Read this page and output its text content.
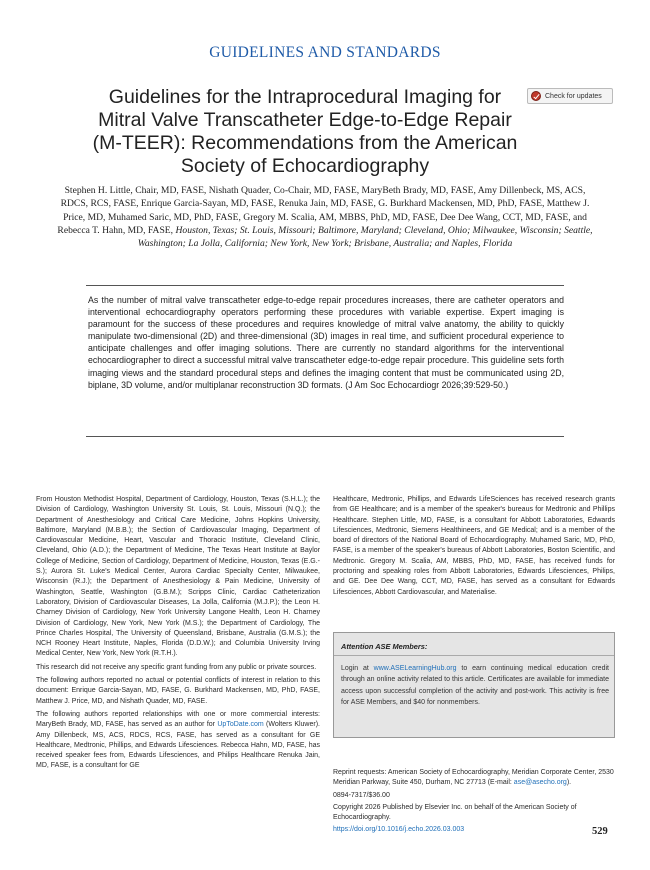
GUIDELINES AND STANDARDS
Guidelines for the Intraprocedural Imaging for Mitral Valve Transcatheter Edge-to-Edge Repair (M-TEER): Recommendations from the American Society of Echocardiography
Check for updates
Stephen H. Little, Chair, MD, FASE, Nishath Quader, Co-Chair, MD, FASE, MaryBeth Brady, MD, FASE, Amy Dillenbeck, MS, ACS, RDCS, RCS, FASE, Enrique Garcia-Sayan, MD, FASE, Renuka Jain, MD, FASE, G. Burkhard Mackensen, MD, PhD, FASE, Matthew J. Price, MD, Muhamed Saric, MD, PhD, FASE, Gregory M. Scalia, AM, MBBS, PhD, MD, FASE, Dee Dee Wang, CCT, MD, FASE, and Rebecca T. Hahn, MD, FASE, Houston, Texas; St. Louis, Missouri; Baltimore, Maryland; Cleveland, Ohio; Milwaukee, Wisconsin; Seattle, Washington; La Jolla, California; New York, New York; Brisbane, Australia; and Naples, Florida
As the number of mitral valve transcatheter edge-to-edge repair procedures increases, there are catheter operators and interventional echocardiography operators performing these procedures with variable expertise. Expert imaging is paramount for the success of these procedures and requires knowledge of mitral valve anatomy, the ability to quickly manipulate two-dimensional (2D) and three-dimensional (3D) images in real time, and sufficient procedural experience to anticipate challenges and offer imaging solutions. There are currently no standard algorithms for the interventional echocardiographer to direct a successful mitral valve transcatheter edge-to-edge repair procedure. This guideline sets forth imaging views and the standard procedural steps and defines the imaging content that must be communicated using 2D, biplane, 3D volume, and/or multiplanar reconstruction 3D formats. (J Am Soc Echocardiogr 2026;39:529-50.)

From Houston Methodist Hospital, Department of Cardiology, Houston, Texas (S.H.L.); the Division of Cardiology, Washington University St. Louis, St. Louis, Missouri (N.Q.); the Department of Anesthesiology and Critical Care Medicine, Johns Hopkins University, Baltimore, Maryland (M.B.B.); the Section of Cardiovascular Imaging, Department of Cardiovascular Medicine, Heart, Vascular and Thoracic Institute, Cleveland Clinic, Cleveland, Ohio (A.D.); the Department of Medicine, The Texas Heart Institute at Baylor College of Medicine, Section of Cardiology, Department of Medicine, Houston, Texas (E.G.-S.); Aurora St. Luke's Medical Center, Aurora Cardiac Specialty Center, Milwaukee, Wisconsin (R.J.); the Department of Anesthesiology & Pain Medicine, University of Washington, Seattle, Washington (G.B.M.); Scripps Clinic, Cardiac Catheterization Laboratory, Division of Cardiovascular Diseases, La Jolla, California (M.J.P.); the Leon H. Charney Division of Cardiology, New York University Langone Health, Leon H. Charney Division of Cardiology, New York, New York (M.S.); the Department of Cardiology, The Prince Charles Hospital, The University of Queensland, Brisbane, Australia (G.M.S.); the NCH Rooney Heart Institute, Naples, Florida (D.D.W.); and Columbia University Irving Medical Center, New York, New York (R.T.H.).

This research did not receive any specific grant funding from any public or private sources.

The following authors reported no actual or potential conflicts of interest in relation to this document: Enrique Garcia-Sayan, MD, FASE, G. Burkhard Mackensen, MD, PhD, FASE, Matthew J. Price, MD, and Nishath Quader, MD, FASE.

The following authors reported relationships with one or more commercial interests: MaryBeth Brady, MD, FASE, has served as an author for UpToDate.com (Wolters Kluwer). Amy Dillenbeck, MS, ACS, RDCS, RCS, FASE, has served as a consultant for GE Healthcare, Medtronic, Phillips, and Edwards Lifesciences. Rebecca Hahn, MD, FASE, has received speaker fees from, Edwards Lifesciences, and Philips Healthcare Renuka Jain, MD, FASE, is a consultant for GE

Healthcare, Medtronic, Phillips, and Edwards LifeSciences has received research grants from GE Healthcare; and is a member of the speaker's bureaus for Medtronic and Phillips Healthcare. Stephen Little, MD, FASE, is a consultant for Abbott Laboratories, Edwards Lifesciences, Medtronic, Siemens Healthineers, and GE Medical; and is a member of the board of directors of the National Board of Echocardiography. Muhamed Saric, MD, PhD, FASE, is a member of the speaker's bureaus of Abbott Laboratories, Boston Scientific, and Medtronic. Gregory M. Scalia, AM, MBBS, PhD, MD, FASE, has received funds for proctoring and speaking roles from Abbott Laboratories, Edwards Lifesciences, Philips, and GE. Dee Dee Wang, CCT, MD, FASE, has served as a consultant for Edwards Lifesciences, Abbott Cardiovascular, and Materialise.

Attention ASE Members:
Login at www.ASELearningHub.org to earn continuing medical education credit through an online activity related to this article. Certificates are available for immediate access upon successful completion of the activity and post-work. This activity is free for ASE Members, and $40 for nonmembers.

Reprint requests: American Society of Echocardiography, Meridian Corporate Center, 2530 Meridian Parkway, Suite 450, Durham, NC 27713 (E-mail: ase@asecho.org).

0894-7317/$36.00

Copyright 2026 Published by Elsevier Inc. on behalf of the American Society of Echocardiography.

https://doi.org/10.1016/j.echo.2026.03.003	529
